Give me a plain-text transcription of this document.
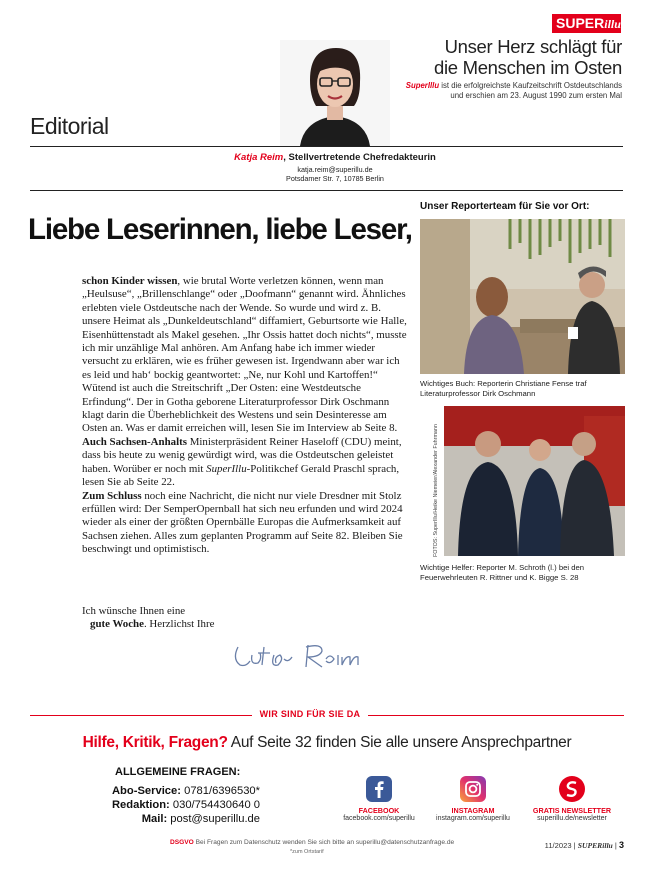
SUPERillu
Unser Herz schlägt für
die Menschen im Osten
SuperIllu ist die erfolgreichste Kaufzeitschrift Ostdeutschlands
und erschien am 23. August 1990 zum ersten Mal
Editorial
Katja Reim, Stellvertretende Chefredakteurin
katja.reim@superillu.de
Potsdamer Str. 7, 10785 Berlin
Liebe Leserinnen, liebe Leser,

schon Kinder wissen, wie brutal Worte verletzen können, wenn man „Heulsuse“, „Brillenschlange“ oder „Doofmann“ genannt wird. Ähnliches erlebten viele Ostdeutsche nach der Wende. So wurde und wird z. B. unsere Heimat als „Dunkeldeutschland“ diffamiert, Geburtsorte wie Halle, Eisenhüttenstadt als Makel gesehen. „Ihr Ossis hattet doch nichts“, musste ich mir unzählige Mal anhören. Am Anfang habe ich immer wieder versucht zu erklären, wie es früher gewesen ist. Irgendwann aber war ich es leid und hab‘ bockig geantwortet: „Ne, nur Kohl und Kartoffen!“ Wütend ist auch die Streitschrift „Der Osten: eine Westdeutsche Erfindung“. Der in Gotha geborene Literaturprofessor Dirk Oschmann klagt darin die Überheblichkeit des Westens und sein Desinteresse am Osten an. Was er damit erreichen will, lesen Sie im Interview ab Seite 8.

Auch Sachsen-Anhalts Ministerpräsident Reiner Haseloff (CDU) meint, dass bis heute zu wenig gewürdigt wird, was die Ostdeutschen geleistet haben. Worüber er noch mit SuperIllu-Politikchef Gerald Praschl sprach, lesen Sie ab Seite 22.

Zum Schluss noch eine Nachricht, die nicht nur viele Dresdner mit Stolz erfüllen wird: Der SemperOpernball hat sich neu erfunden und wird 2024 wieder als einer der größten Opernbälle Europas die Aufmerksamkeit auf Sachsen ziehen. Alles zum geplanten Programm auf Seite 82. Bleiben Sie beschwingt und optimistisch.

Ich wünsche Ihnen eine
gute Woche. Herzlichst Ihre
Unser Reporterteam für Sie vor Ort:
Wichtiges Buch: Reporterin Christiane Fense traf Literaturprofessor Dirk Oschmann
FOTOS: SuperIllu/Heike Niemeier/Alexander Fuhrmann
Wichtige Helfer: Reporter M. Schroth (l.) bei den Feuerwehrleuten R. Rittner und K. Bigge S. 28
WIR SIND FÜR SIE DA
Hilfe, Kritik, Fragen? Auf Seite 32 finden Sie alle unsere Ansprechpartner
ALLGEMEINE FRAGEN:
Abo-Service: 0781/6396530*
Redaktion: 030/754430640 0
Mail: post@superillu.de
FACEBOOK
facebook.com/superillu
INSTAGRAM
instagram.com/superillu
GRATIS NEWSLETTER
superillu.de/newsletter
DSGVO Bei Fragen zum Datenschutz wenden Sie sich bitte an superillu@datenschutzanfrage.de
*zum Ortstarif
11/2023 | SUPERillu | 3
